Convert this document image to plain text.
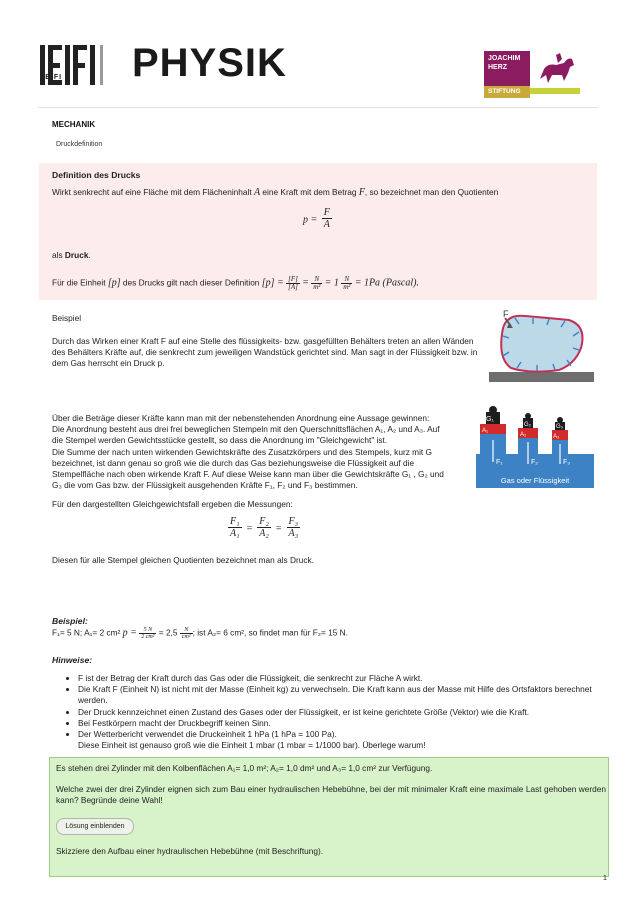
LEIFI PHYSIK	JOACHIM
HERZ
STIFTUNG
MECHANIK
Druckdefinition
Definition des Drucks
Wirkt senkrecht auf eine Fläche mit dem Flächeninhalt A eine Kraft mit dem Betrag F, so bezeichnet man den Quotienten
$p = \frac{F}{A}$
als Druck.
Für die Einheit [p] des Drucks gilt nach dieser Definition $[p] = \frac{[F]}{[A]} = \frac{N}{\text{m²}} = 1 \frac{N}{\text{m²}} = 1Pa$ (Pascal).
Beispiel
Durch das Wirken einer Kraft F auf eine Stelle des flüssigkeits- bzw. gasgefüllten Behälters treten an allen Wänden
des Behälters Kräfte auf, die senkrecht zum jeweiligen Wandstück gerichtet sind. Man sagt in der Flüssigkeit bzw. in
dem Gas herrscht ein Druck p.
F
Über die Beträge dieser Kräfte kann man mit der nebenstehenden Anordnung eine Aussage gewinnen:
Die Anordnung besteht aus drei frei beweglichen Stempeln mit den Querschnittsflächen A₁, A₂ und A₃. Auf
die Stempel werden Gewichtsstücke gestellt, so dass die Anordnung im "Gleichgewicht" ist.
Die Summe der nach unten wirkenden Gewichtskräfte des Zusatzkörpers und des Stempels, kurz mit G
bezeichnet, ist dann genau so groß wie die durch das Gas beziehungsweise die Flüssigkeit auf die
Stempelfläche nach oben wirkende Kraft F. Auf diese Weise kann man über die Gewichtskräfte G₁ , G₂ und
G₃ die vom Gas bzw. der Flüssigkeit ausgehenden Kräfte F₁, F₂ und F₃ bestimmen.
G₁
G₂	G₃
A₁
A₂	A₃
F₁	F₂	F₃
Gas oder Flüssigkeit
Für den dargestellten Gleichgewichtsfall ergeben die Messungen:
$\frac{\text{F₁}}{\text{A₁}} = \frac{\text{F₂}}{\text{A₂}} = \frac{\text{F₃}}{\text{A₃}}$
Diesen für alle Stempel gleichen Quotienten bezeichnet man als Druck.
Beispiel:
F₁= 5 N; A₁= 2 cm² $p = \frac{5 N}{\text{2 cm²}} = 2,5 \frac{N}{\text{cm²}}$ ; ist A₂= 6 cm², so findet man für F₂= 15 N.
Hinweise:
• F ist der Betrag der Kraft durch das Gas oder die Flüssigkeit, die senkrecht zur Fläche A wirkt.
• Die Kraft F (Einheit N) ist nicht mit der Masse (Einheit kg) zu verwechseln. Die Kraft kann aus der Masse mit Hilfe des Ortsfaktors berechnet werden.
• Der Druck kennzeichnet einen Zustand des Gases oder der Flüssigkeit, er ist keine gerichtete Größe (Vektor) wie die Kraft.
• Bei Festkörpern macht der Druckbegriff keinen Sinn.
• Der Wetterbericht verwendet die Druckeinheit 1 hPa (1 hPa = 100 Pa).
Diese Einheit ist genauso groß wie die Einheit 1 mbar (1 mbar = 1/1000 bar). Überlege warum!
Es stehen drei Zylinder mit den Kolbenflächen A₁= 1,0 m²; A₂= 1,0 dm² und A₃= 1,0 cm² zur Verfügung.
Welche zwei der drei Zylinder eignen sich zum Bau einer hydraulischen Hebebühne, bei der mit minimaler Kraft eine maximale Last gehoben werden kann? Begründe deine Wahl!
Lösung einblenden
Skizziere den Aufbau einer hydraulischen Hebebühne (mit Beschriftung).
1
